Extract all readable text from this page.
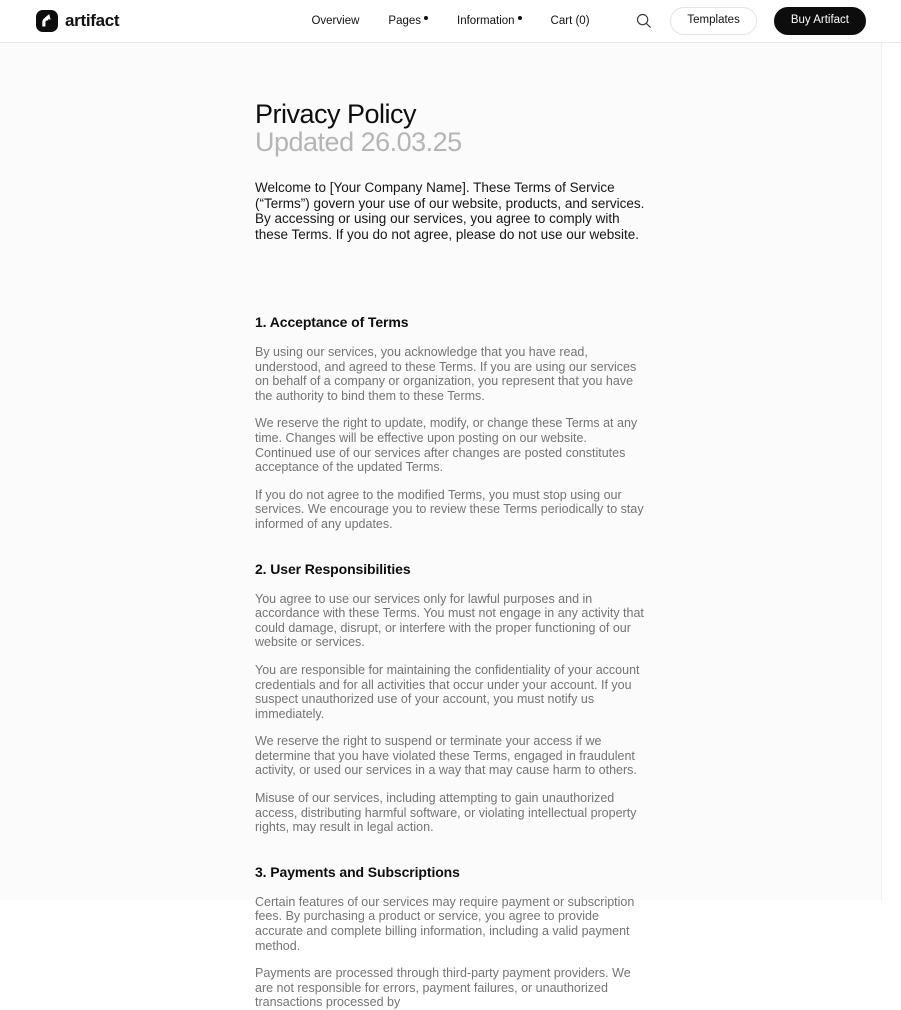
artifact	Overview	Pages	Information	Cart (0)	Templates	Buy Artifact
Privacy Policy
Updated 26.03.25

Welcome to [Your Company Name]. These Terms of Service (“Terms”) govern your use of our website, products, and services. By accessing or using our services, you agree to comply with these Terms. If you do not agree, please do not use our website.

1. Acceptance of Terms

By using our services, you acknowledge that you have read, understood, and agreed to these Terms. If you are using our services on behalf of a company or organization, you represent that you have the authority to bind them to these Terms.

We reserve the right to update, modify, or change these Terms at any time. Changes will be effective upon posting on our website. Continued use of our services after changes are posted constitutes acceptance of the updated Terms.

If you do not agree to the modified Terms, you must stop using our services. We encourage you to review these Terms periodically to stay informed of any updates.

2. User Responsibilities

You agree to use our services only for lawful purposes and in accordance with these Terms. You must not engage in any activity that could damage, disrupt, or interfere with the proper functioning of our website or services.

You are responsible for maintaining the confidentiality of your account credentials and for all activities that occur under your account. If you suspect unauthorized use of your account, you must notify us immediately.

We reserve the right to suspend or terminate your access if we determine that you have violated these Terms, engaged in fraudulent activity, or used our services in a way that may cause harm to others.

Misuse of our services, including attempting to gain unauthorized access, distributing harmful software, or violating intellectual property rights, may result in legal action.

3. Payments and Subscriptions

Certain features of our services may require payment or subscription fees. By purchasing a product or service, you agree to provide accurate and complete billing information, including a valid payment method.

Payments are processed through third-party payment providers. We are not responsible for errors, payment failures, or unauthorized transactions processed by
